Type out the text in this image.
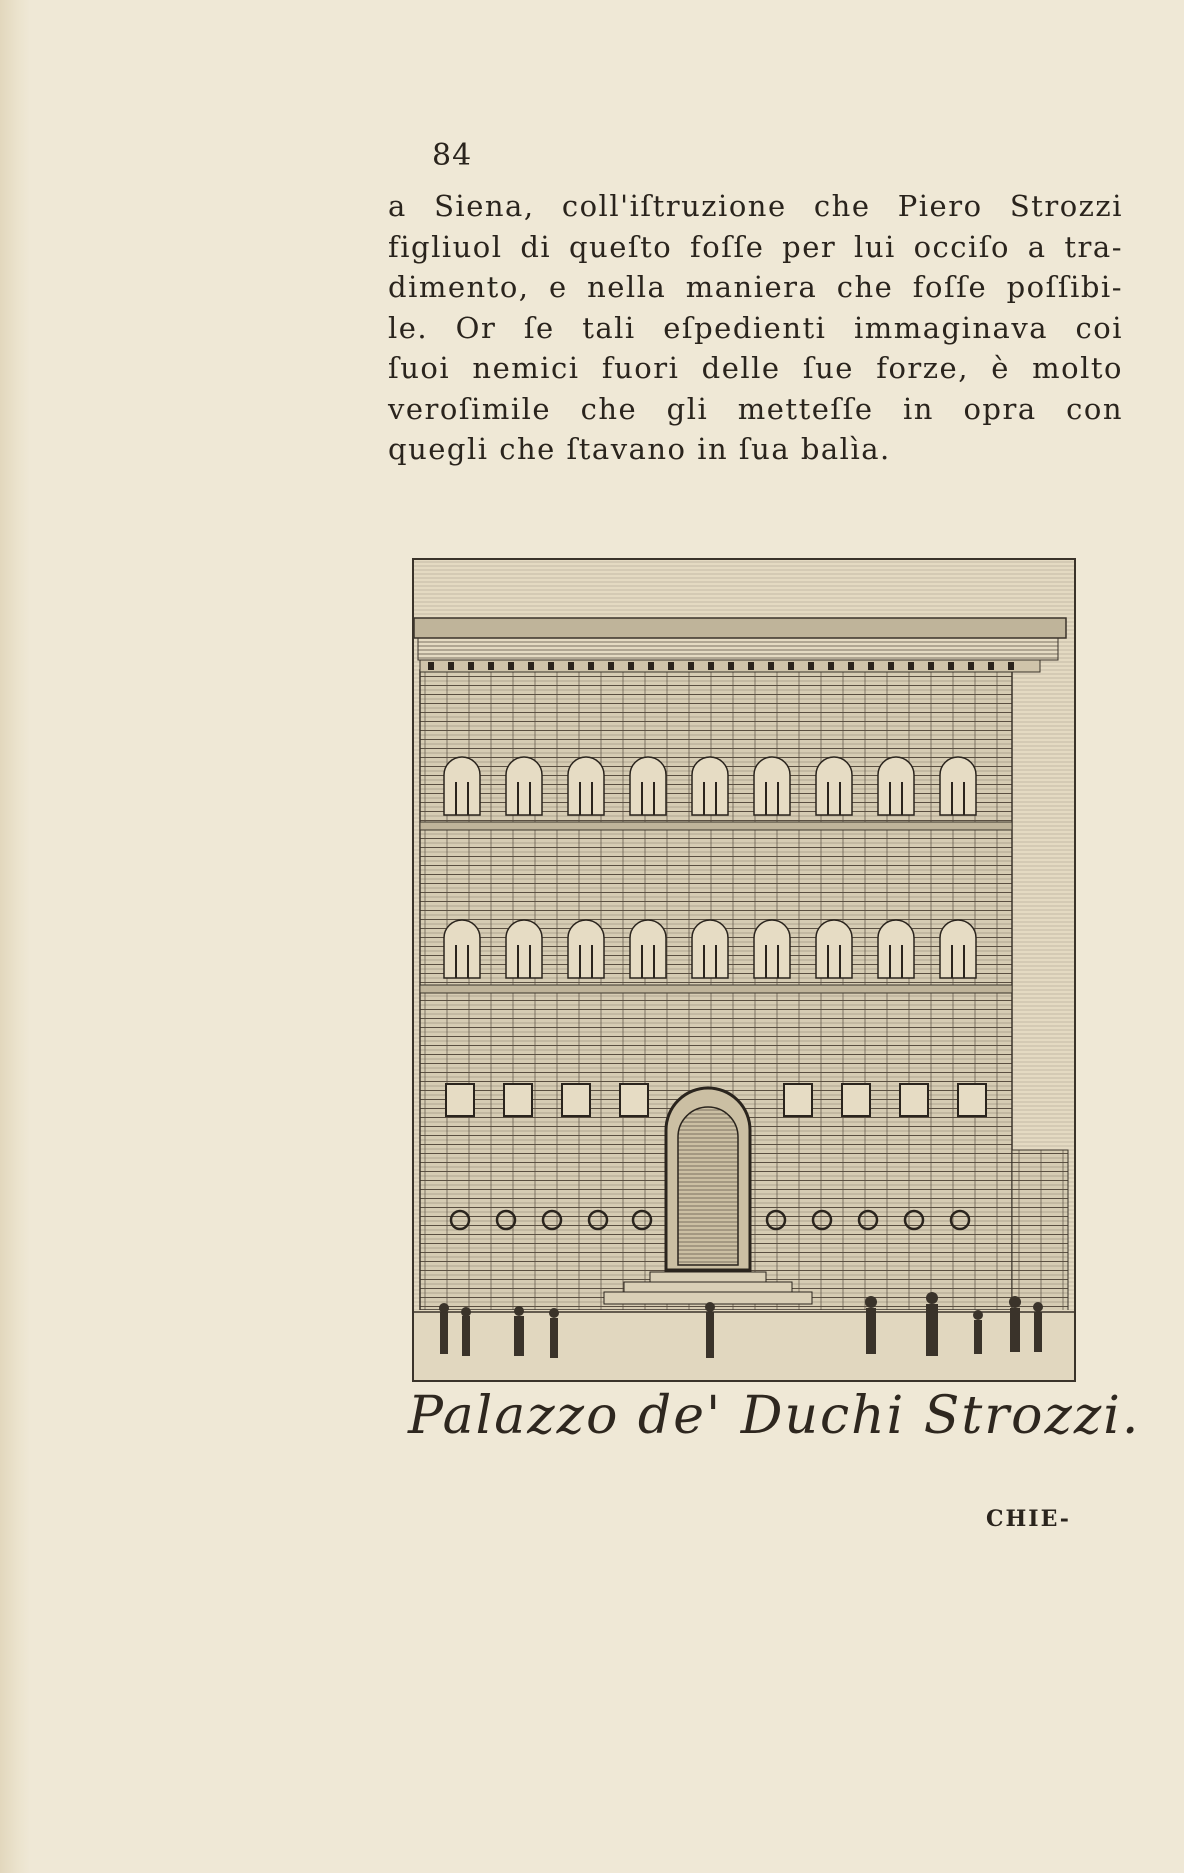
84
a Siena, coll'iſtruzione che Piero Strozzi
figliuol di queſto foſſe per lui occiſo a tra-
dimento, e nella maniera che foſſe poſſibi-
le. Or ſe tali eſpedienti immaginava coi
ſuoi nemici fuori delle ſue forze, è molto
veroſimile che gli metteſſe in opra con
quegli che ſtavano in ſua balìa.
Palazzo de' Duchi Strozzi.
CHIE-
